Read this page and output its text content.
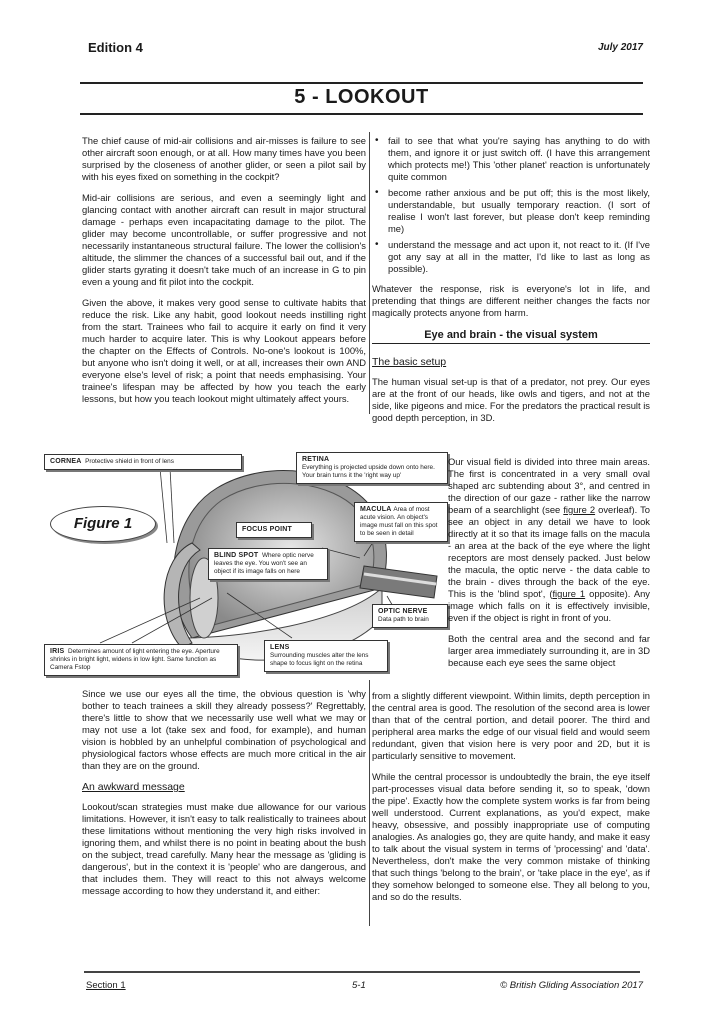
Edition 4	July 2017
5 - LOOKOUT

The chief cause of mid-air collisions and air-misses is failure to see other aircraft soon enough, or at all. How many times have you been surprised by the closeness of another glider, or seen a pilot sail by with his eyes fixed on something in the cockpit?

Mid-air collisions are serious, and even a seemingly light and glancing contact with another aircraft can result in major structural damage - perhaps even incapacitating damage to the pilot. The glider may become uncontrollable, or suffer progressive and not necessarily instantaneous structural failure. The lower the collision's altitude, the slimmer the chances of a successful bail out, and if the glider starts gyrating it doesn't take much of an increase in G to pin even a young and fit pilot into the cockpit.

Given the above, it makes very good sense to cultivate habits that reduce the risk. Like any habit, good lookout needs instilling right from the start. Trainees who fail to acquire it early on find it very much harder to acquire later. This is why Lookout appears before the chapter on the Effects of Controls. No-one's lookout is 100%, but anyone who isn't doing it well, or at all, increases their own AND everyone else's level of risk; a point that needs emphasising. Your trainee's lifespan may be affected by how you teach the early lessons, but how you teach lookout might ultimately affect yours.

• fail to see that what you're saying has anything to do with them, and ignore it or just switch off. (I have this arrangement which protects me!) This 'other planet' reaction is unfortunately quite common
• become rather anxious and be put off; this is the most likely, understandable, but usually temporary reaction. (I sort of realise I won't last forever, but please don't keep reminding me)
• understand the message and act upon it, not react to it. (If I've got any say at all in the matter, I'd like to last as long as possible).

Whatever the response, risk is everyone's lot in life, and pretending that things are different neither changes the facts nor magically protects anyone from harm.

Eye and brain - the visual system
The basic setup

The human visual set-up is that of a predator, not prey. Our eyes are at the front of our heads, like owls and tigers, and not at the side, like pigeons and mice. For the predators the practical result is good depth perception, in 3D.

Figure 1
CORNEA Protective shield in front of lens	RETINA
Everything is projected upside down onto here. Your brain turns it the 'right way up'
MACULA Area of most acute vision. An object's image must fall on this spot to be seen in detail
FOCUS POINT
BLIND SPOT Where optic nerve leaves the eye. You won't see an object if its image falls on here
OPTIC NERVE
Data path to brain
IRIS Determines amount of light entering the eye. Aperture shrinks in bright light, widens in low light. Same function as Camera Fstop
LENS
Surrounding muscles alter the lens shape to focus light on the retina

Our visual field is divided into three main areas. The first is concentrated in a very small oval shaped arc subtending about 3°, and centred in the direction of our gaze - rather like the narrow beam of a searchlight (see figure 2 overleaf). To see an object in any detail we have to look directly at it so that its image falls on the macula - an area at the back of the eye where the light receptors are most densely packed. Just below the macula, the optic nerve - the data cable to the brain - dives through the back of the eye. This is the 'blind spot', (figure 1 opposite). Any image which falls on it is effectively invisible, even if the object is right in front of you.

Both the central area and the second and far larger area immediately surrounding it, are in 3D because each eye sees the same object

from a slightly different viewpoint. Within limits, depth perception in the central area is good. The resolution of the second area is lower than that of the central portion, and detail poorer. The third and peripheral area marks the edge of our visual field and would seem redundant, given that vision here is very poor and 2D, but it is particularly sensitive to movement.

While the central processor is undoubtedly the brain, the eye itself part-processes visual data before sending it, so to speak, 'down the pipe'. Exactly how the complete system works is far from being well understood. Current explanations, as you'd expect, make heavy, obsessive, and possibly inappropriate use of computing analogies. As analogies go, they are quite handy, and make it easy to talk about the visual system in terms of 'processing' and 'data'. Nevertheless, don't make the very common mistake of thinking that such things 'belong to the brain', or 'take place in the eye', as if they somehow belonged to someone else. They all belong to you, and so do the results.

Since we use our eyes all the time, the obvious question is 'why bother to teach trainees a skill they already possess?' Regrettably, there's little to show that we necessarily use well what we may or may not use a lot (take sex and food, for example), and human vision is hobbled by an unhelpful combination of psychological and physiological factors whose effects are much more critical in the air than they are on the ground.

An awkward message

Lookout/scan strategies must make due allowance for our various limitations. However, it isn't easy to talk realistically to trainees about these limitations without mentioning the very high risks involved in ignoring them, and whilst there is no point in beating about the bush on the subject, tread carefully. Many hear the message as 'gliding is dangerous', but in the context it is 'people' who are dangerous, and that includes them. They will react to this not always welcome message according to how they understand it, and either:

Section 1	5-1	© British Gliding Association 2017
